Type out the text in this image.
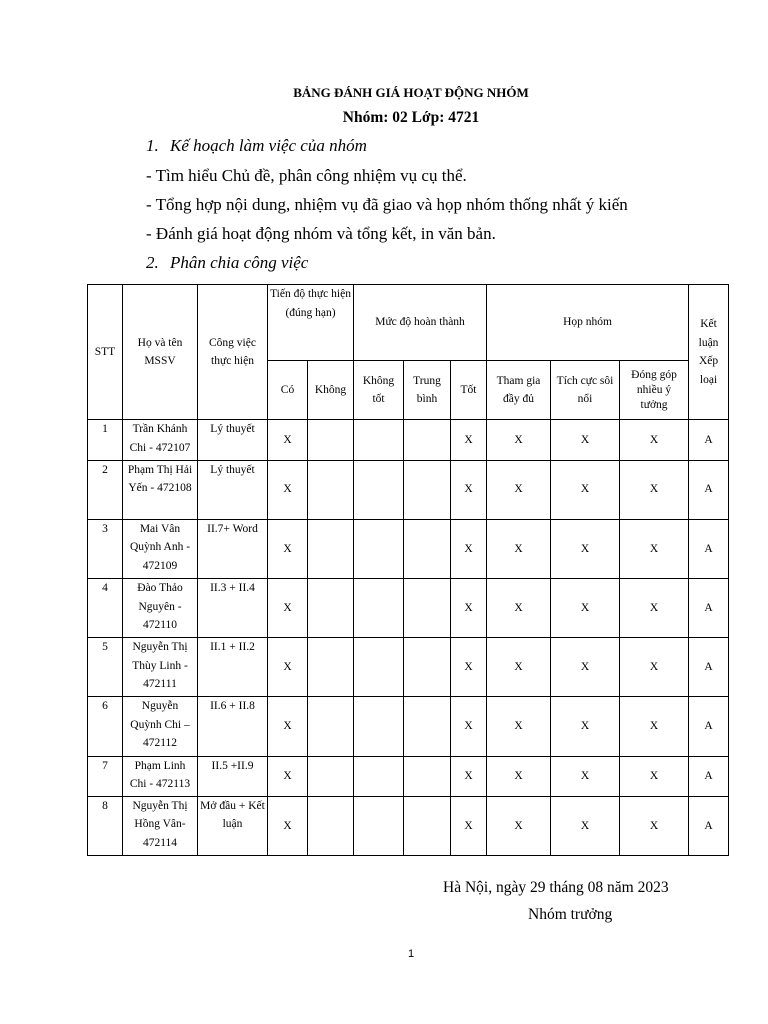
BẢNG ĐÁNH GIÁ HOẠT ĐỘNG NHÓM
Nhóm: 02 Lớp: 4721
1. Kế hoạch làm việc của nhóm
- Tìm hiểu Chủ đề, phân công nhiệm vụ cụ thể.
- Tổng hợp nội dung, nhiệm vụ đã giao và họp nhóm thống nhất ý kiến
- Đánh giá hoạt động nhóm và tổng kết, in văn bản.
2. Phân chia công việc
STT	Họ và tên MSSV	Công việc thực hiện	Tiến độ thực hiện (đúng hạn)		Mức độ hoàn thành			Họp nhóm			Kết luận Xếp loại
			Có	Không	Không tốt	Trung bình	Tốt	Tham gia đầy đủ	Tích cực sôi nổi	Đóng góp nhiều ý tưởng	
1	Trần Khánh Chi - 472107	Lý thuyết	X				X	X	X	X	A
2	Phạm Thị Hải Yến - 472108	Lý thuyết	X				X	X	X	X	A
3	Mai Vân Quỳnh Anh - 472109	II.7+ Word	X				X	X	X	X	A
4	Đào Thảo Nguyên - 472110	II.3 + II.4	X				X	X	X	X	A
5	Nguyễn Thị Thùy Linh - 472111	II.1 + II.2	X				X	X	X	X	A
6	Nguyễn Quỳnh Chi – 472112	II.6 + II.8	X				X	X	X	X	A
7	Phạm Linh Chi - 472113	II.5 +II.9	X				X	X	X	X	A
8	Nguyễn Thị Hồng Vân- 472114	Mở đầu + Kết luận	X				X	X	X	X	A
Hà Nội, ngày 29 tháng 08 năm 2023
Nhóm trưởng
1
